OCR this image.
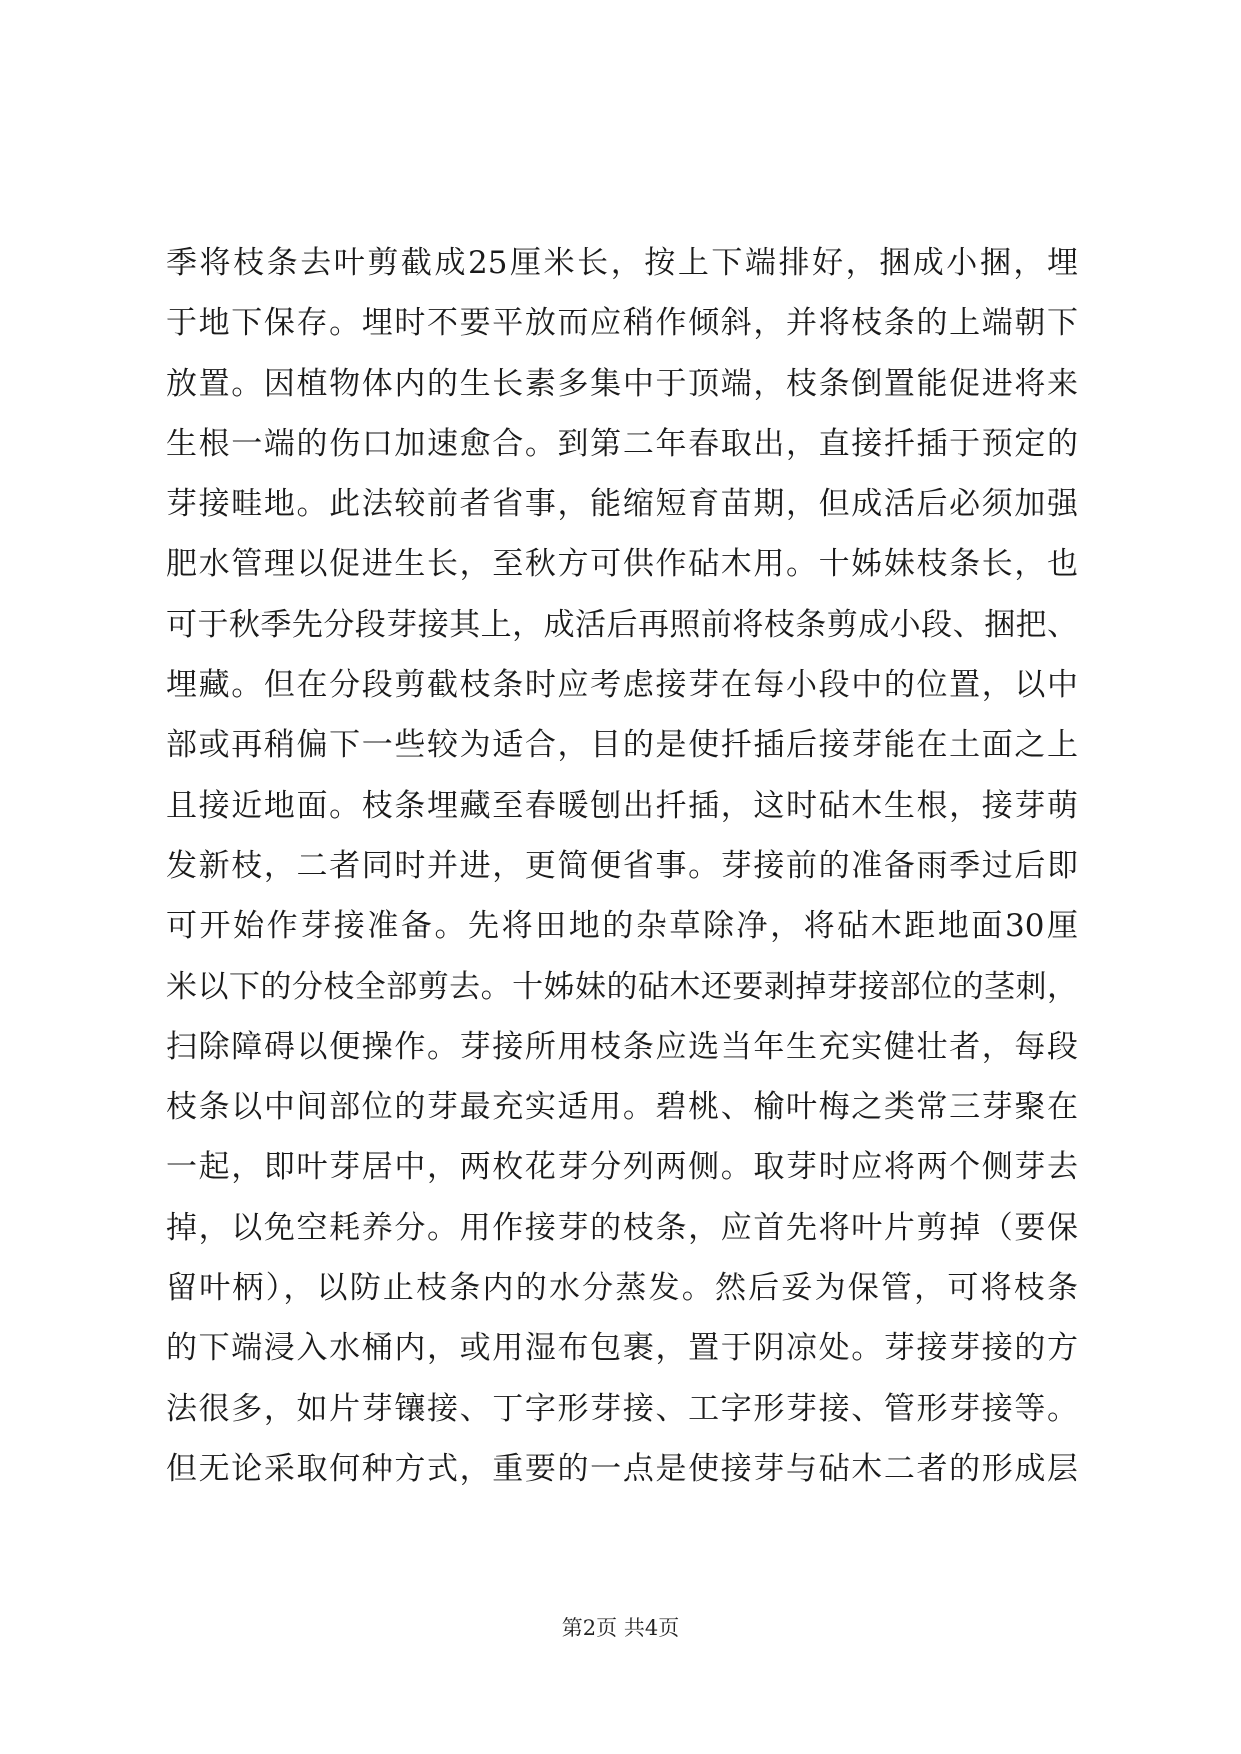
季将枝条去叶剪截成25厘米长，按上下端排好，捆成小捆，埋
于地下保存。埋时不要平放而应稍作倾斜，并将枝条的上端朝下
放置。因植物体内的生长素多集中于顶端，枝条倒置能促进将来
生根一端的伤口加速愈合。到第二年春取出，直接扦插于预定的
芽接畦地。此法较前者省事，能缩短育苗期，但成活后必须加强
肥水管理以促进生长，至秋方可供作砧木用。十姊妹枝条长，也
可于秋季先分段芽接其上，成活后再照前将枝条剪成小段、捆把、
埋藏。但在分段剪截枝条时应考虑接芽在每小段中的位置，以中
部或再稍偏下一些较为适合，目的是使扦插后接芽能在土面之上
且接近地面。枝条埋藏至春暖刨出扦插，这时砧木生根，接芽萌
发新枝，二者同时并进，更简便省事。芽接前的准备雨季过后即
可开始作芽接准备。先将田地的杂草除净，将砧木距地面30厘
米以下的分枝全部剪去。十姊妹的砧木还要剥掉芽接部位的茎刺，
扫除障碍以便操作。芽接所用枝条应选当年生充实健壮者，每段
枝条以中间部位的芽最充实适用。碧桃、榆叶梅之类常三芽聚在
一起，即叶芽居中，两枚花芽分列两侧。取芽时应将两个侧芽去
掉，以免空耗养分。用作接芽的枝条，应首先将叶片剪掉（要保
留叶柄），以防止枝条内的水分蒸发。然后妥为保管，可将枝条
的下端浸入水桶内，或用湿布包裹，置于阴凉处。芽接芽接的方
法很多，如片芽镶接、丁字形芽接、工字形芽接、管形芽接等。
但无论采取何种方式，重要的一点是使接芽与砧木二者的形成层
第2页 共4页
